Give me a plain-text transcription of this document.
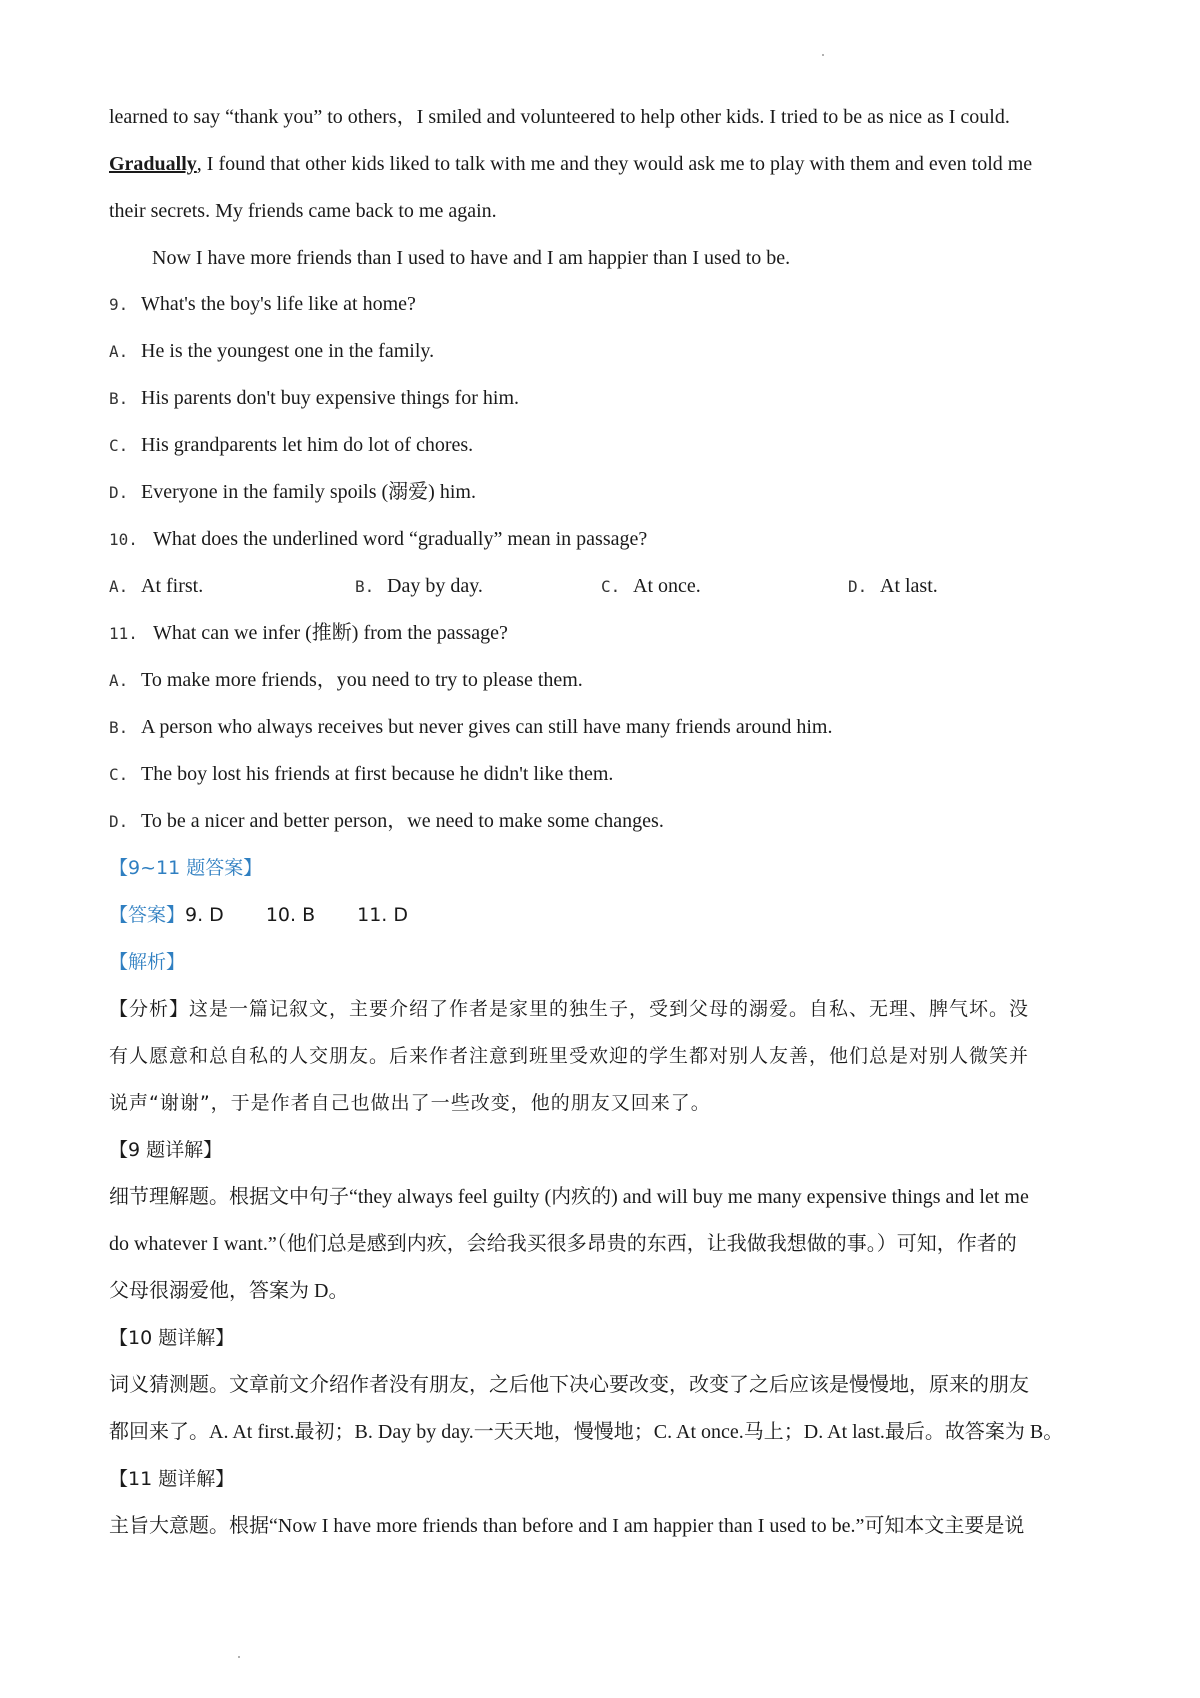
learned to say “thank you” to others，I smiled and volunteered to help other kids. I tried to be as nice as I could.
Gradually, I found that other kids liked to talk with me and they would ask me to play with them and even told me
their secrets. My friends came back to me again.
Now I have more friends than I used to have and I am happier than I used to be.
9. What's the boy's life like at home?
A. He is the youngest one in the family.
B. His parents don't buy expensive things for him.
C. His grandparents let him do lot of chores.
D. Everyone in the family spoils (溺爱) him.
10. What does the underlined word “gradually” mean in passage?
A. At first.	B. Day by day.	C. At once.	D. At last.
11. What can we infer (推断) from the passage?
A. To make more friends，you need to try to please them.
B. A person who always receives but never gives can still have many friends around him.
C. The boy lost his friends at first because he didn't like them.
D. To be a nicer and better person，we need to make some changes.
【9~11 题答案】
【答案】9. D 10. B 11. D
【解析】
【分析】这是一篇记叙文，主要介绍了作者是家里的独生子，受到父母的溺爱。自私、无理、脾气坏。没
有人愿意和总自私的人交朋友。后来作者注意到班里受欢迎的学生都对别人友善，他们总是对别人微笑并
说声“谢谢”，于是作者自己也做出了一些改变，他的朋友又回来了。
【9 题详解】
细节理解题。根据文中句子“they always feel guilty (内疚的) and will buy me many expensive things and let me
do whatever I want.”（他们总是感到内疚，会给我买很多昂贵的东西，让我做我想做的事。）可知，作者的
父母很溺爱他，答案为 D。
【10 题详解】
词义猜测题。文章前文介绍作者没有朋友，之后他下决心要改变，改变了之后应该是慢慢地，原来的朋友
都回来了。A. At first.最初；B. Day by day.一天天地，慢慢地；C. At once.马上；D. At last.最后。故答案为 B。
【11 题详解】
主旨大意题。根据“Now I have more friends than before and I am happier than I used to be.”可知本文主要是说
